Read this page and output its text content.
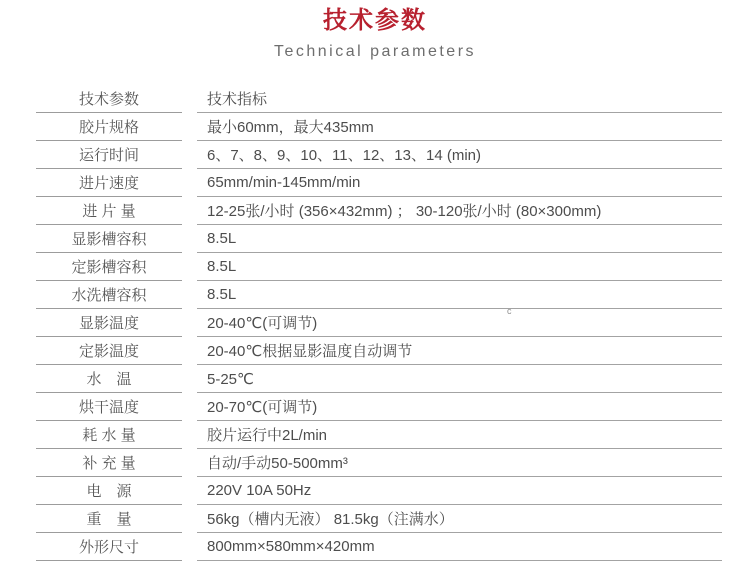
技术参数
Technical parameters
技术参数	技术指标
胶片规格	最小60mm，最大435mm
运行时间	6、7、8、9、10、11、12、13、14 (min)
进片速度	65mm/min-145mm/min
进 片 量	12-25张/小时 (356×432mm) ； 30-120张/小时 (80×300mm)
显影槽容积	8.5L
定影槽容积	8.5L
水洗槽容积	8.5L
显影温度	20-40℃(可调节)
定影温度	20-40℃根据显影温度自动调节
水　温	5-25℃
烘干温度	20-70℃(可调节)
耗 水 量	胶片运行中2L/min
补 充 量	自动/手动50-500mm³
电　源	220V 10A 50Hz
重　量	56kg（槽内无液） 81.5kg（注满水）
外形尺寸	800mm×580mm×420mm
c
